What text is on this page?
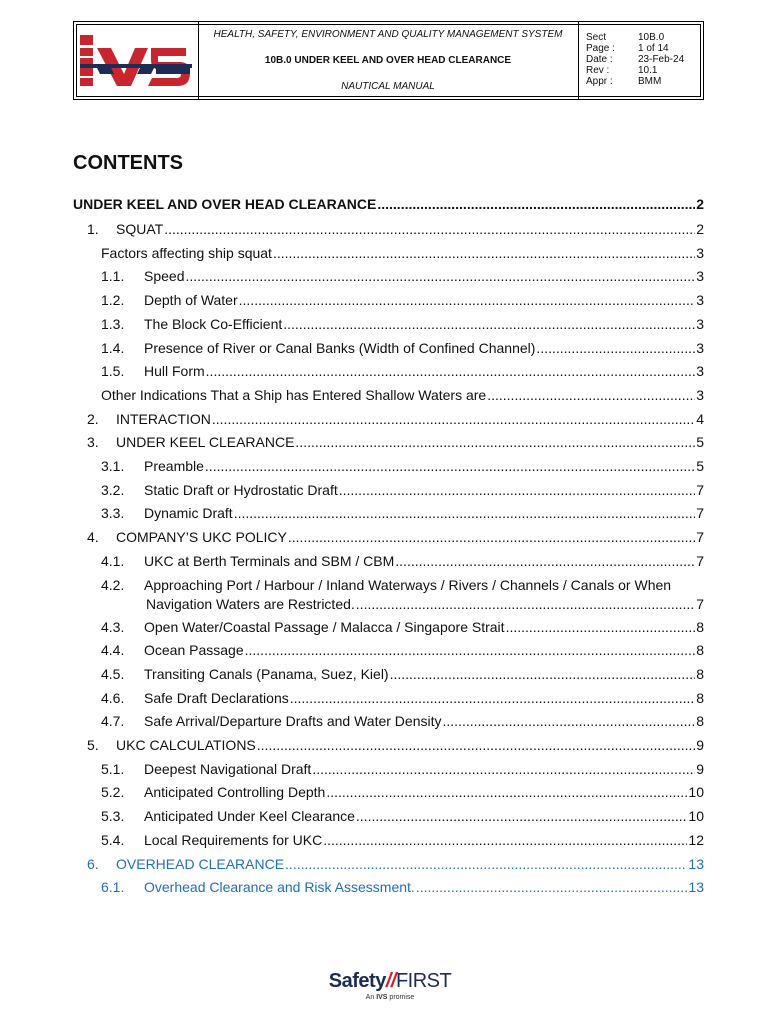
HEALTH, SAFETY, ENVIRONMENT AND QUALITY MANAGEMENT SYSTEM
10B.0 UNDER KEEL AND OVER HEAD CLEARANCE
NAUTICAL MANUAL
Sect	10B.0
Page :	1 of 14
Date :	23-Feb-24
Rev :	10.1
Appr :	BMM
CONTENTS
UNDER KEEL AND OVER HEAD CLEARANCE .....	2
1. SQUAT .....	2
Factors affecting ship squat .....	3
1.1. Speed .....	3
1.2. Depth of Water .....	3
1.3. The Block Co-Efficient .....	3
1.4. Presence of River or Canal Banks (Width of Confined Channel) .....	3
1.5. Hull Form .....	3
Other Indications That a Ship has Entered Shallow Waters are .....	3
2. INTERACTION .....	4
3. UNDER KEEL CLEARANCE .....	5
3.1. Preamble .....	5
3.2. Static Draft or Hydrostatic Draft .....	7
3.3. Dynamic Draft .....	7
4. COMPANY’S UKC POLICY .....	7
4.1. UKC at Berth Terminals and SBM / CBM .....	7
4.2. Approaching Port / Harbour / Inland Waterways / Rivers / Channels / Canals or When
Navigation Waters are Restricted. .....	7
4.3. Open Water/Coastal Passage / Malacca / Singapore Strait .....	8
4.4. Ocean Passage .....	8
4.5. Transiting Canals (Panama, Suez, Kiel) .....	8
4.6. Safe Draft Declarations .....	8
4.7. Safe Arrival/Departure Drafts and Water Density .....	8
5. UKC CALCULATIONS .....	9
5.1. Deepest Navigational Draft .....	9
5.2. Anticipated Controlling Depth .....	10
5.3. Anticipated Under Keel Clearance .....	10
5.4. Local Requirements for UKC .....	12
6. OVERHEAD CLEARANCE .....	13
6.1. Overhead Clearance and Risk Assessment. .....	13
Safety//FIRST
An IVS promise
